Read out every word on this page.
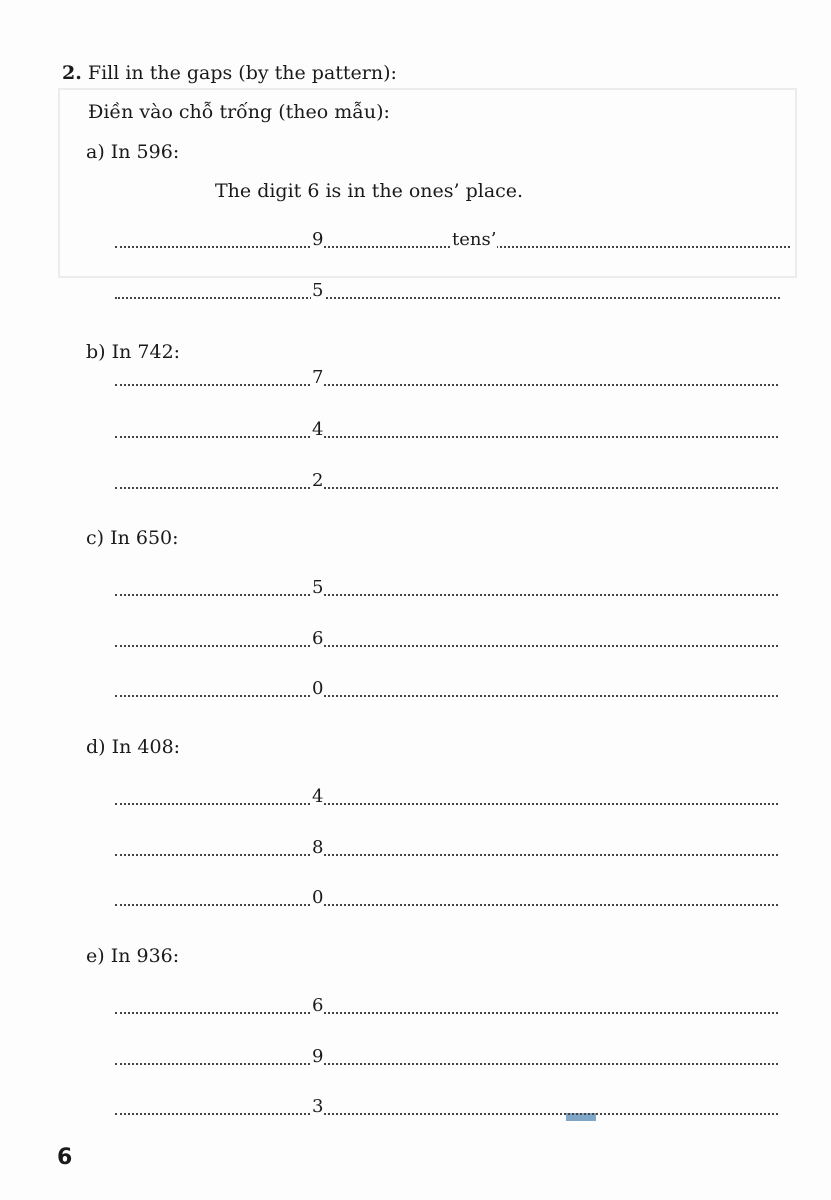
2. Fill in the gaps (by the pattern):
Điền vào chỗ trống (theo mẫu):
The digit 6 is in the ones’ place.
a) In 596:
9	tens’
5
b) In 742:
7
4
2
c) In 650:
5
6
0
d) In 408:
4
8
0
e) In 936:
6
9
3
6
